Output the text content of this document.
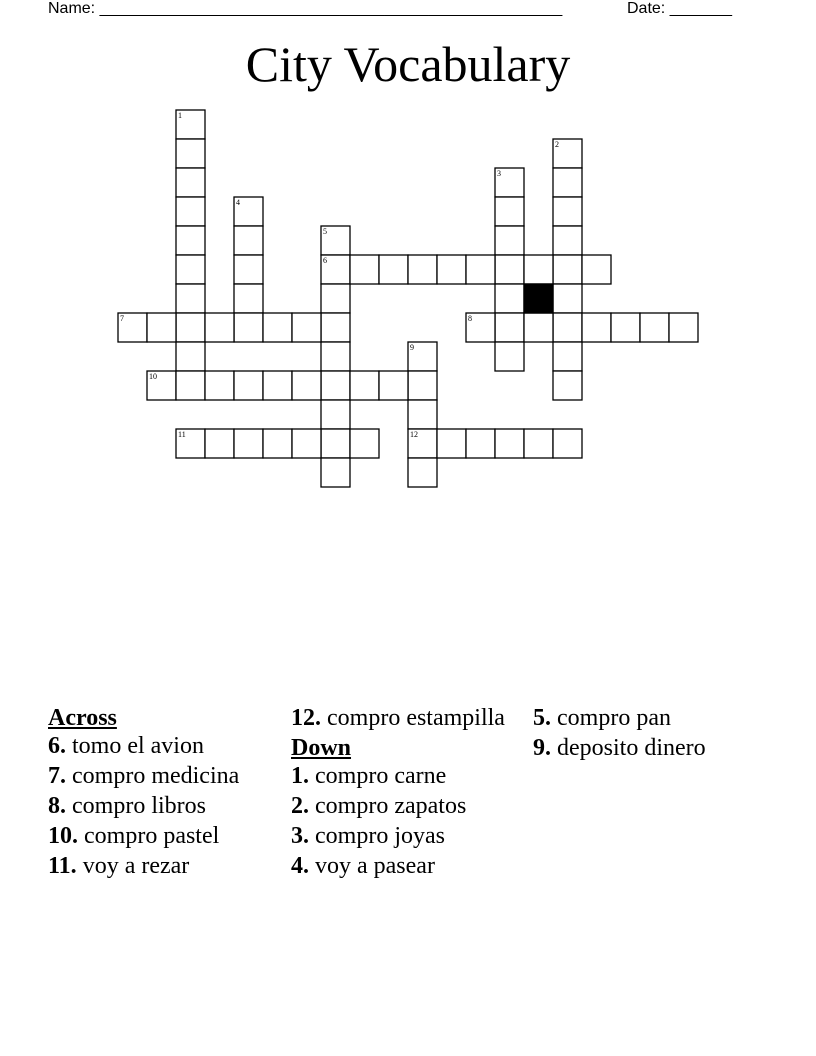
Name: ____________________________________________________	Date: _______
City Vocabulary
1
2
3
4
5
6
7	8
9
10
11	12
Across
6. tomo el avion
7. compro medicina
8. compro libros
10. compro pastel
11. voy a rezar
12. compro estampilla
Down
1. compro carne
2. compro zapatos
3. compro joyas
4. voy a pasear
5. compro pan
9. deposito dinero
